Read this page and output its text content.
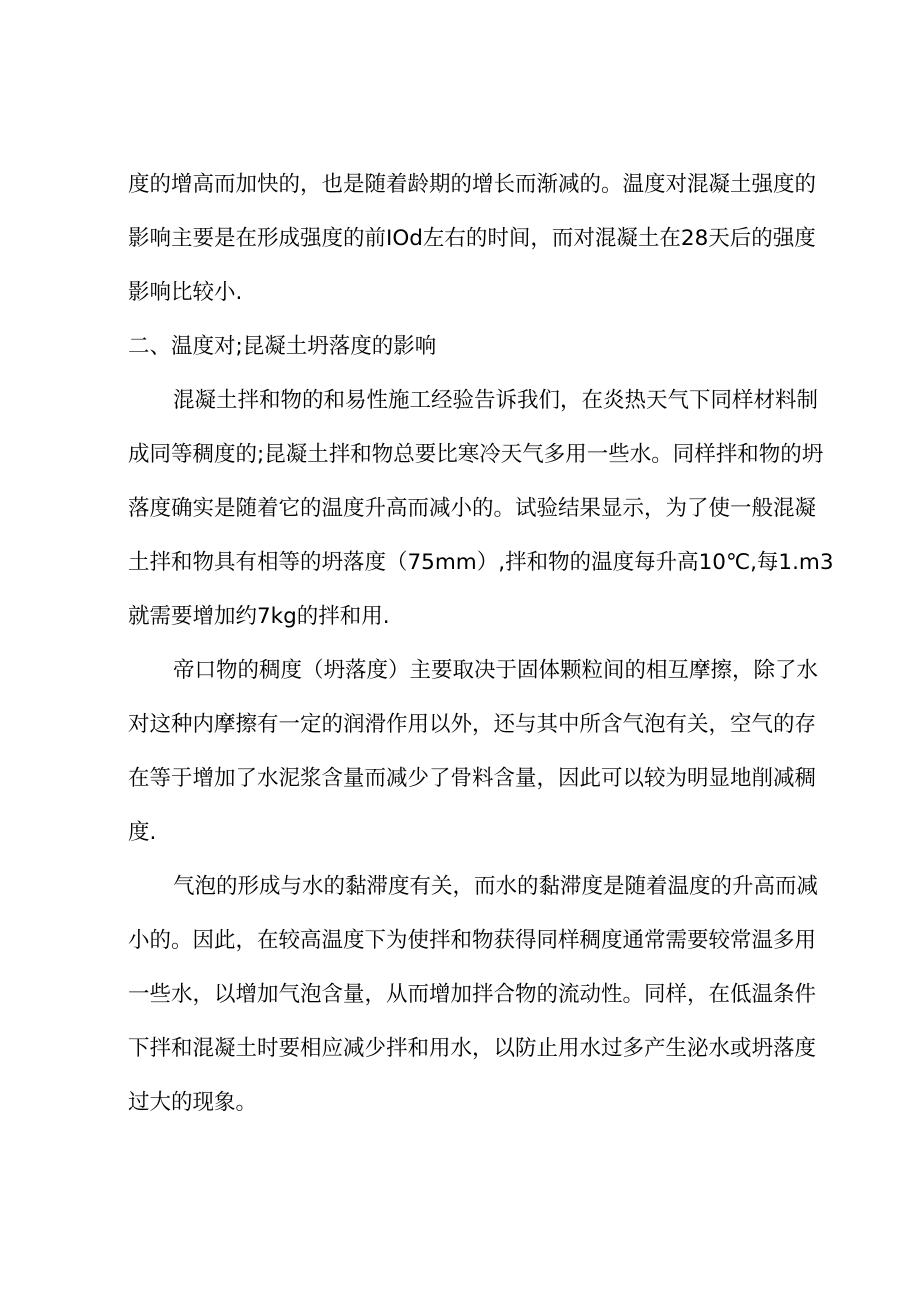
度的增高而加快的，也是随着龄期的增长而渐减的。温度对混凝土强度的
影响主要是在形成强度的前IOd左右的时间，而对混凝土在28天后的强度
影响比较小.
二、温度对;昆凝土坍落度的影响
混凝土拌和物的和易性施工经验告诉我们，在炎热天气下同样材料制
成同等稠度的;昆凝土拌和物总要比寒冷天气多用一些水。同样拌和物的坍
落度确实是随着它的温度升高而减小的。试验结果显示，为了使一般混凝
土拌和物具有相等的坍落度（75mm）,拌和物的温度每升高10℃,每1.m3
就需要增加约7kg的拌和用.
帝口物的稠度（坍落度）主要取决于固体颗粒间的相互摩擦，除了水
对这种内摩擦有一定的润滑作用以外，还与其中所含气泡有关，空气的存
在等于增加了水泥浆含量而减少了骨料含量，因此可以较为明显地削减稠
度.
气泡的形成与水的黏滞度有关，而水的黏滞度是随着温度的升高而减
小的。因此，在较高温度下为使拌和物获得同样稠度通常需要较常温多用
一些水，以增加气泡含量，从而增加拌合物的流动性。同样，在低温条件
下拌和混凝土时要相应减少拌和用水，以防止用水过多产生泌水或坍落度
过大的现象。
